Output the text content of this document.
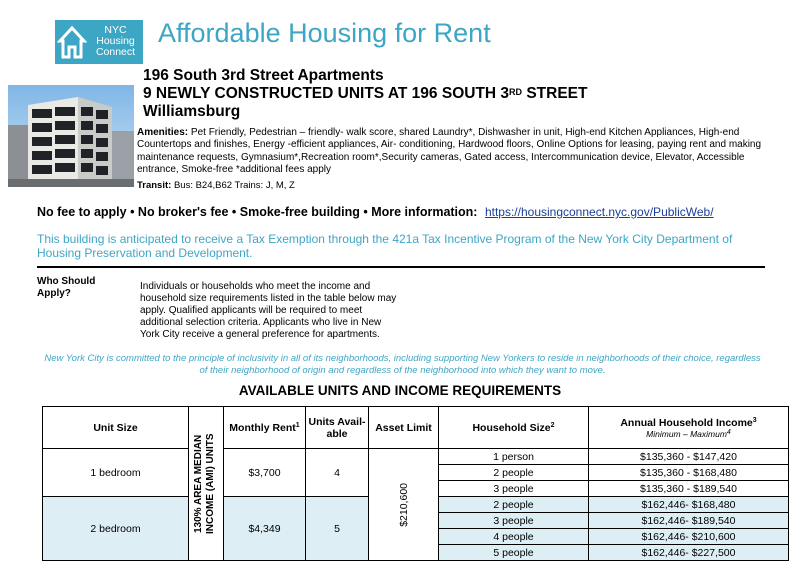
NYC
Housing
Connect
Affordable Housing for Rent
196 South 3rd Street Apartments
9 NEWLY CONSTRUCTED UNITS AT 196 SOUTH 3RD STREET
Williamsburg
Amenities: Pet Friendly, Pedestrian – friendly- walk score, shared Laundry*, Dishwasher in unit, High-end Kitchen Appliances, High-end Countertops and finishes, Energy -efficient appliances, Air- conditioning, Hardwood floors, Online Options for leasing, paying rent and making maintenance requests, Gymnasium*,Recreation room*,Security cameras, Gated access, Intercommunication device, Elevator, Accessible entrance, Smoke-free *additional fees apply
Transit: Bus: B24,B62 Trains: J, M, Z
No fee to apply • No broker's fee • Smoke-free building • More information: https://housingconnect.nyc.gov/PublicWeb/
This building is anticipated to receive a Tax Exemption through the 421a Tax Incentive Program of the New York City Department of Housing Preservation and Development.
Who Should Apply?
Individuals or households who meet the income and household size requirements listed in the table below may apply. Qualified applicants will be required to meet additional selection criteria. Applicants who live in New York City receive a general preference for apartments.
New York City is committed to the principle of inclusivity in all of its neighborhoods, including supporting New Yorkers to reside in neighborhoods of their choice, regardless of their neighborhood of origin and regardless of the neighborhood into which they want to move.
AVAILABLE UNITS AND INCOME REQUIREMENTS
Unit Size	130% AREA MEDIAN INCOME (AMI) UNITS	Monthly Rent$^1$	Units Avail-able	Asset Limit	Household Size$^2$	Annual Household Income$^3$
Minimum – Maximum$^4$

1 bedroom		$3,700	4	$210,600	1 person	$135,360 - $147,420
					2 people	$135,360 - $168,480
					3 people	$135,360 - $189,540
2 bedroom		$4,349	5		2 people	$162,446- $168,480
					3 people	$162,446- $189,540
					4 people	$162,446- $210,600
					5 people	$162,446- $227,500
